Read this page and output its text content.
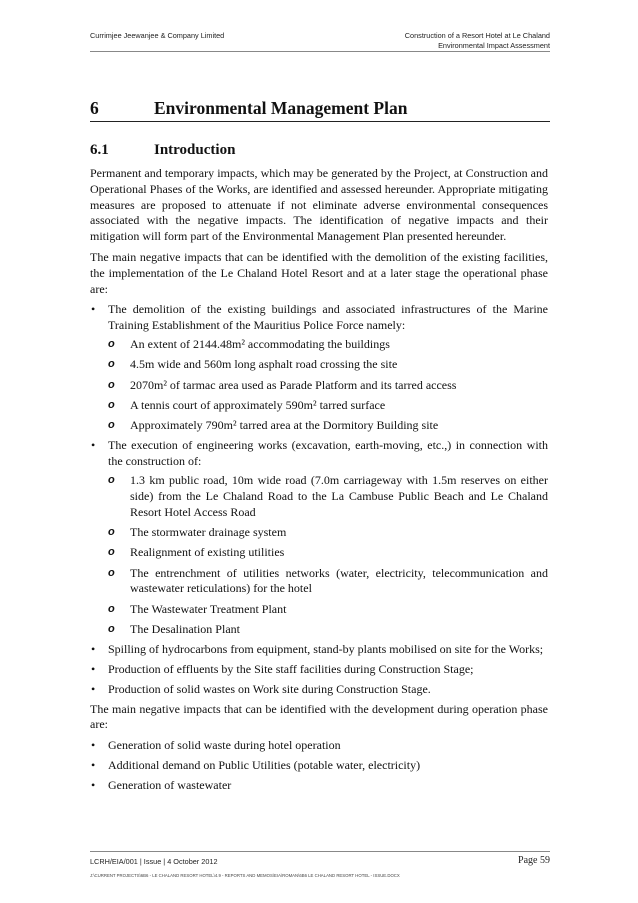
Currimjee Jeewanjee & Company Limited	Construction of a Resort Hotel at Le Chaland
Environmental Impact Assessment
6	Environmental Management Plan
6.1	Introduction

Permanent and temporary impacts, which may be generated by the Project, at Construction and Operational Phases of the Works, are identified and assessed hereunder. Appropriate mitigating measures are proposed to attenuate if not eliminate adverse environmental consequences associated with the negative impacts. The identification of negative impacts and their mitigation will form part of the Environmental Management Plan presented hereunder.

The main negative impacts that can be identified with the demolition of the existing facilities, the implementation of the Le Chaland Hotel Resort and at a later stage the operational phase are:

• The demolition of the existing buildings and associated infrastructures of the Marine Training Establishment of the Mauritius Police Force namely:
o An extent of 2144.48m² accommodating the buildings
o 4.5m wide and 560m long asphalt road crossing the site
o 2070m² of tarmac area used as Parade Platform and its tarred access
o A tennis court of approximately 590m² tarred surface
o Approximately 790m² tarred area at the Dormitory Building site
• The execution of engineering works (excavation, earth-moving, etc.,) in connection with the construction of:
o 1.3 km public road, 10m wide road (7.0m carriageway with 1.5m reserves on either side) from the Le Chaland Road to the La Cambuse Public Beach and Le Chaland Resort Hotel Access Road
o The stormwater drainage system
o Realignment of existing utilities
o The entrenchment of utilities networks (water, electricity, telecommunication and wastewater reticulations) for the hotel
o The Wastewater Treatment Plant
o The Desalination Plant
• Spilling of hydrocarbons from equipment, stand-by plants mobilised on site for the Works;
• Production of effluents by the Site staff facilities during Construction Stage;
• Production of solid wastes on Work site during Construction Stage.

The main negative impacts that can be identified with the development during operation phase are:

• Generation of solid waste during hotel operation
• Additional demand on Public Utilities (potable water, electricity)
• Generation of wastewater
LCRH/EIA/001 | Issue | 4 October 2012	Page 59
J:\CURRENT PROJECTS\6B6 - LE CHALAND RESORT HOTEL\4.9 - REPORTS AND MEMOS\EIA\ROMAN\6B6 LE CHALAND RESORT HOTEL - ISSUE.DOCX
